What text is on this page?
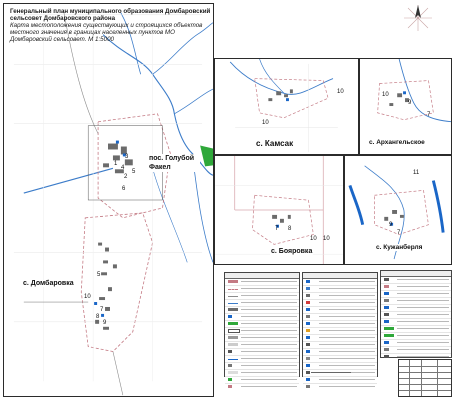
Генеральный план муниципального образования Домбаровский сельсовет Домбаровского района
Карта местоположения существующих и строящихся объектов местного значения в границах населенных пунктов МО Домбаровский сельсовет. М 1:5000
пос. Голубой Факел
с. Домбаровка
3
1
4
5
2
6
5
10
7
8
9
с. Камсак
10
10
с. Архангельское
10
9
7
с. Бояровка
7 8
10 10
с. Кужанберля
11
9
7
